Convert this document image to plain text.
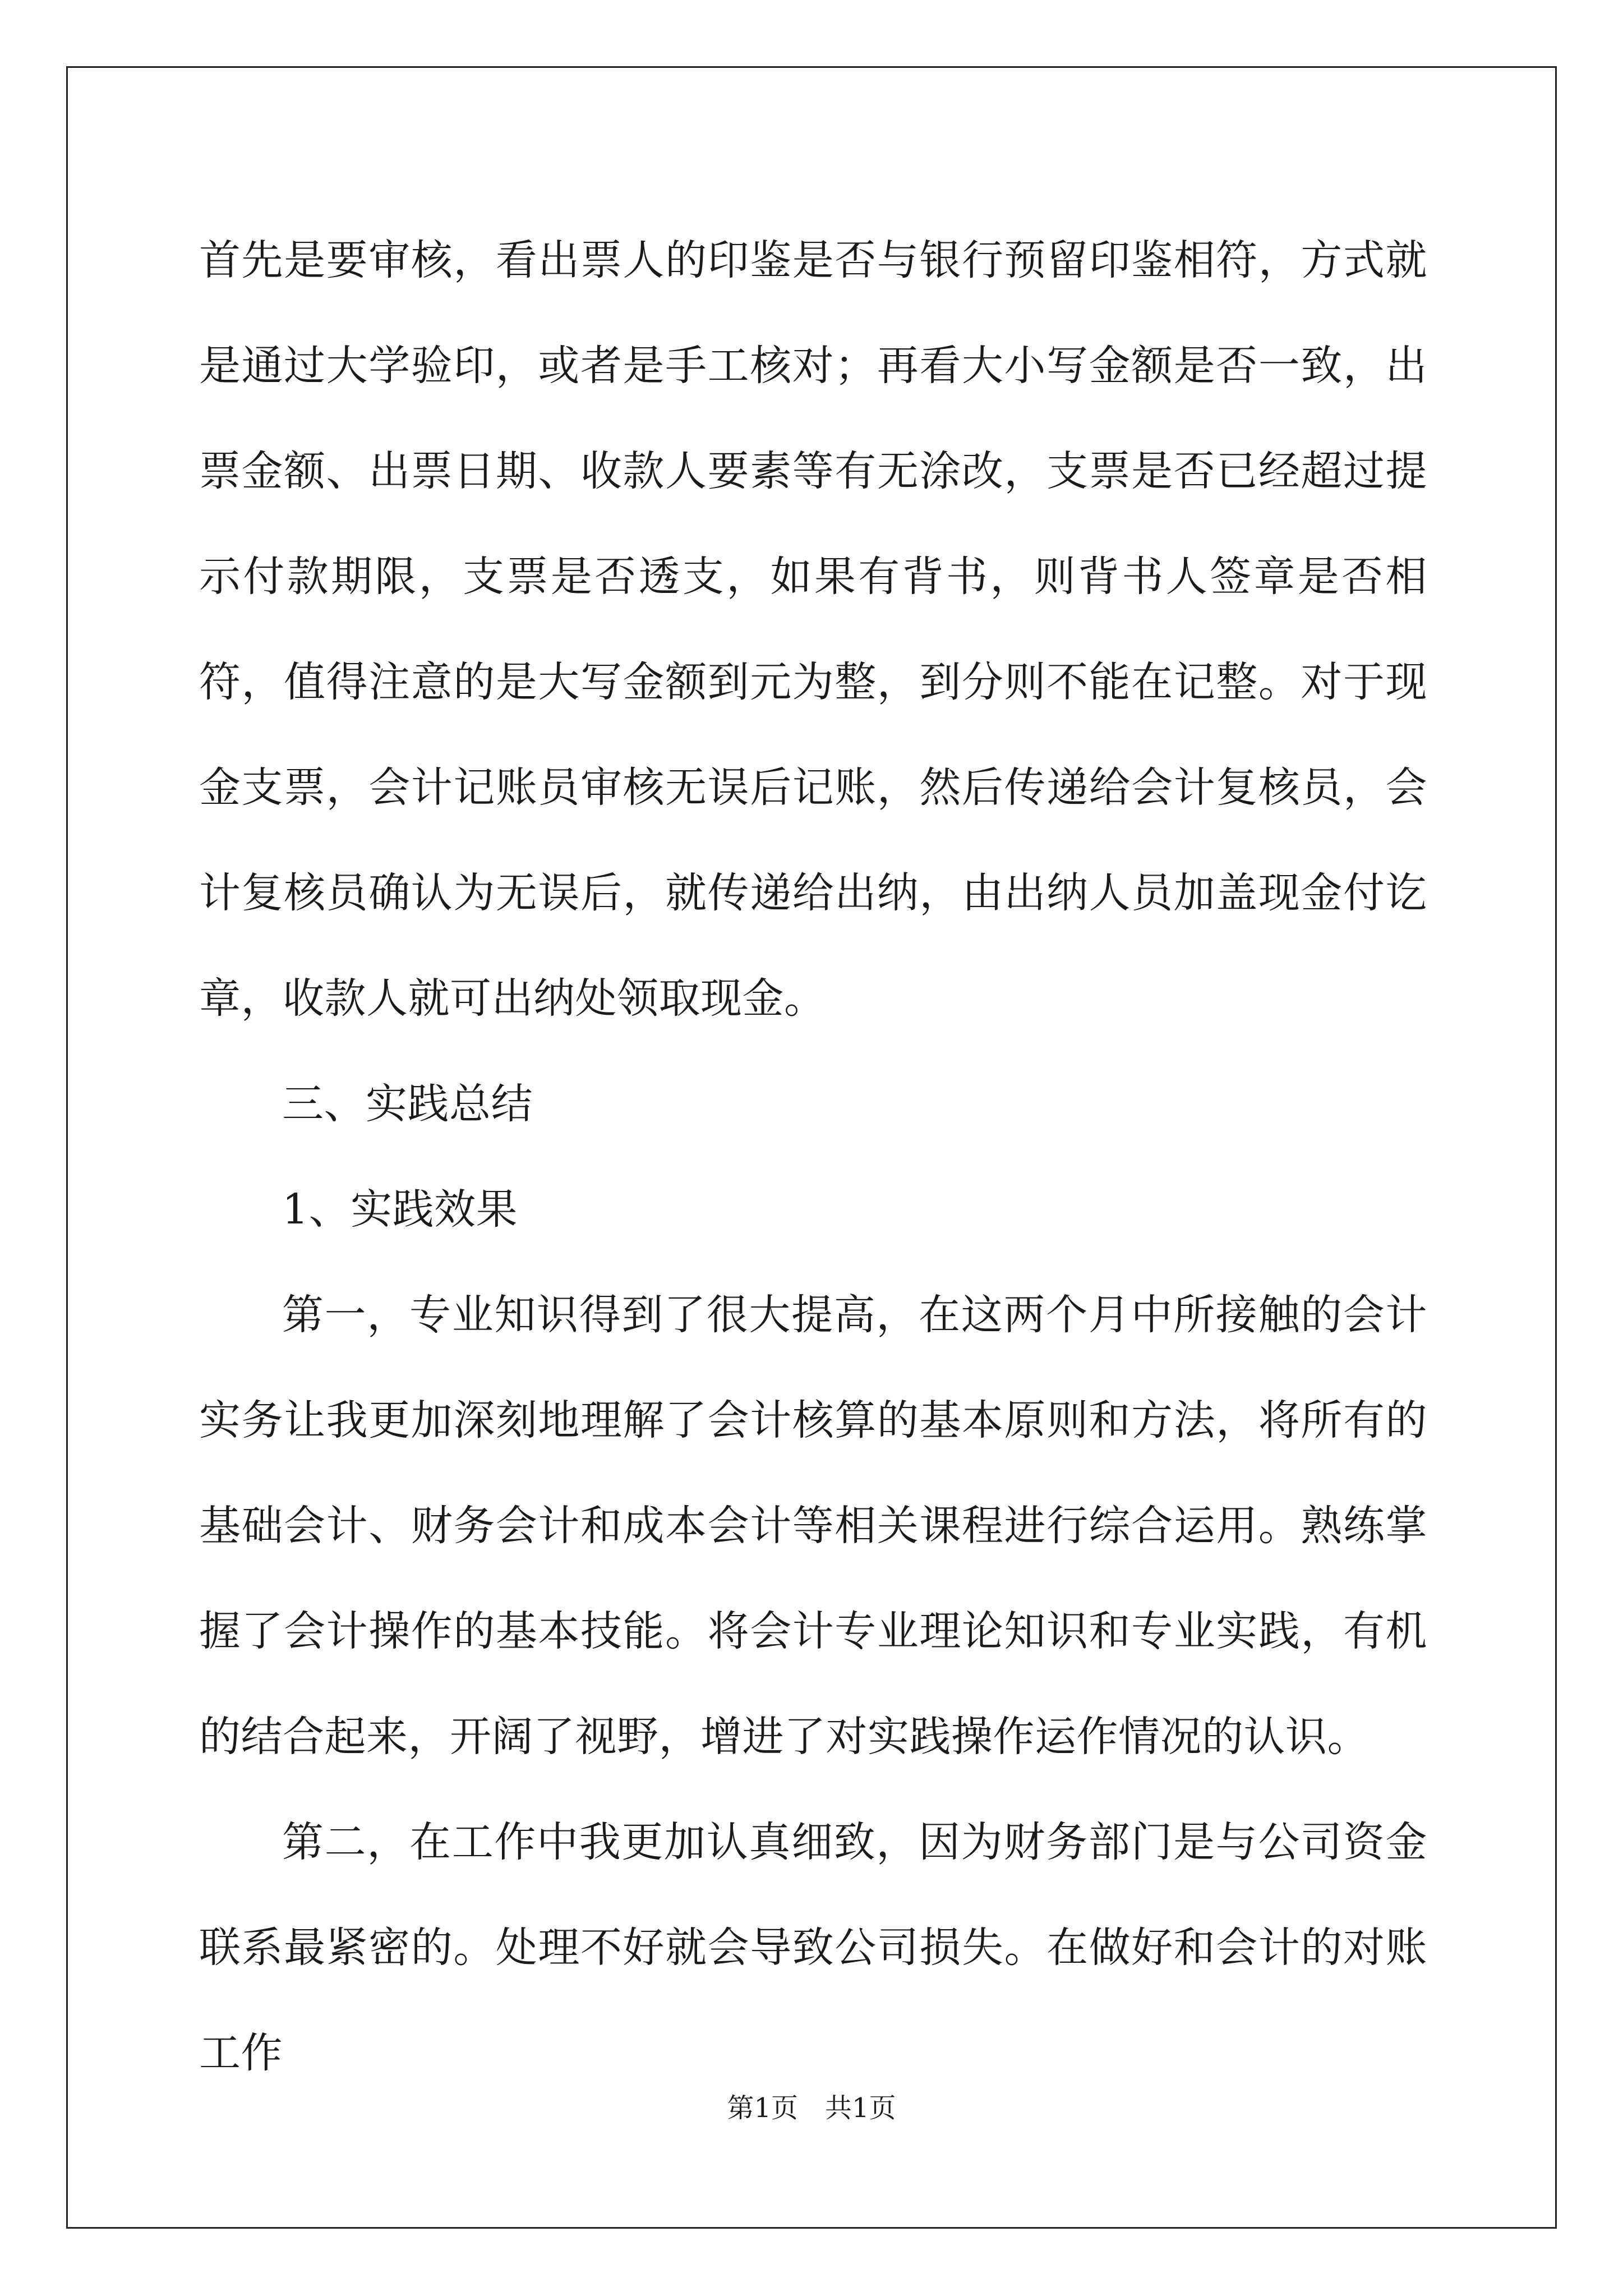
首先是要审核，看出票人的印鉴是否与银行预留印鉴相符，方式就是通过大学验印，或者是手工核对；再看大小写金额是否一致，出票金额、出票日期、收款人要素等有无涂改，支票是否已经超过提示付款期限，支票是否透支，如果有背书，则背书人签章是否相符，值得注意的是大写金额到元为整，到分则不能在记整。对于现金支票，会计记账员审核无误后记账，然后传递给会计复核员，会计复核员确认为无误后，就传递给出纳，由出纳人员加盖现金付讫章，收款人就可出纳处领取现金。

三、实践总结

1、实践效果

第一，专业知识得到了很大提高，在这两个月中所接触的会计实务让我更加深刻地理解了会计核算的基本原则和方法，将所有的基础会计、财务会计和成本会计等相关课程进行综合运用。熟练掌握了会计操作的基本技能。将会计专业理论知识和专业实践，有机的结合起来，开阔了视野，增进了对实践操作运作情况的认识。

第二，在工作中我更加认真细致，因为财务部门是与公司资金联系最紧密的。处理不好就会导致公司损失。在做好和会计的对账工作

第1页 共1页
